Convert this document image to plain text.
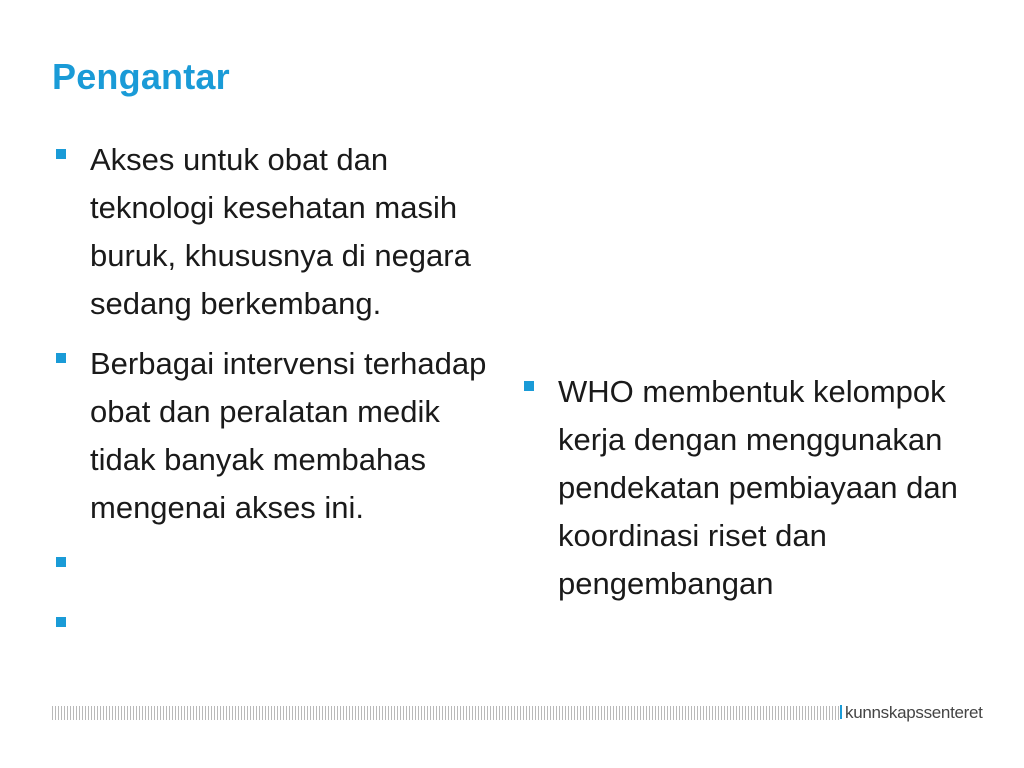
Pengantar
Akses untuk obat dan teknologi kesehatan masih buruk, khususnya di negara sedang berkembang.
Berbagai intervensi terhadap obat dan peralatan medik tidak banyak membahas mengenai akses ini.
WHO membentuk kelompok kerja dengan menggunakan pendekatan pembiayaan dan koordinasi riset dan pengembangan
kunnskapssenteret
